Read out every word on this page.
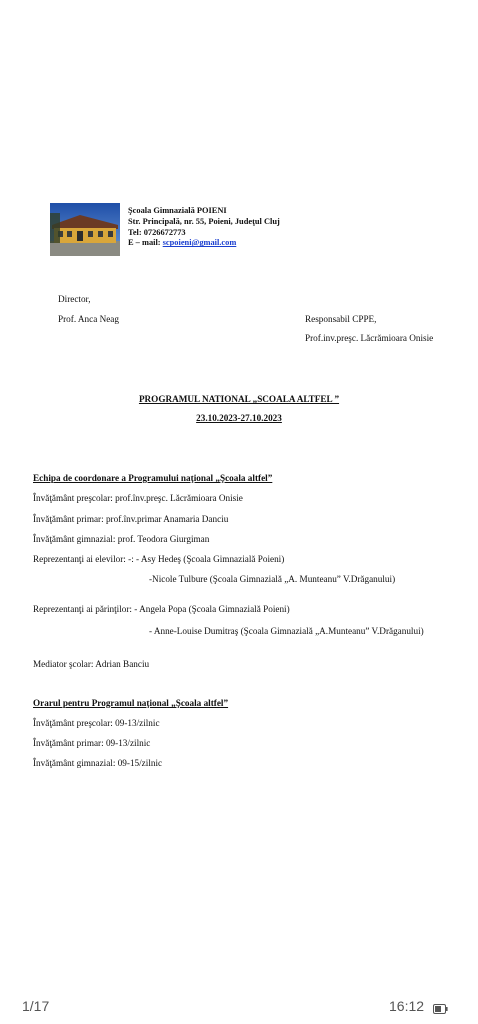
Şcoala Gimnazială POIENI
Str. Principală, nr. 55, Poieni, Judeţul Cluj
Tel: 0726672773
E – mail: scpoieni@gmail.com
Director,
Prof. Anca Neag	Responsabil CPPE,
Prof.inv.preşc. Lăcrămioara Onisie
PROGRAMUL NATIONAL „SCOALA ALTFEL ”
23.10.2023-27.10.2023
Echipa de coordonare a Programului naţional „Şcoala altfel”
Învăţământ preşcolar: prof.înv.preşc. Lăcrămioara Onisie
Învăţământ primar: prof.înv.primar Anamaria Danciu
Învăţământ gimnazial: prof. Teodora Giurgiman
Reprezentanţi ai elevilor: -: - Asy Hedeş (Şcoala Gimnazială Poieni)
-Nicole Tulbure (Şcoala Gimnazială „A. Munteanu” V.Drăganului)
Reprezentanţi ai părinţilor: - Angela Popa (Şcoala Gimnazială Poieni)
- Anne-Louise Dumitraş (Şcoala Gimnazială „A.Munteanu” V.Drăganului)
Mediator şcolar: Adrian Banciu
Orarul pentru Programul naţional „Şcoala altfel”
Învăţământ preşcolar: 09-13/zilnic
Învăţământ primar: 09-13/zilnic
Învăţământ gimnazial: 09-15/zilnic
1/17	16:12
